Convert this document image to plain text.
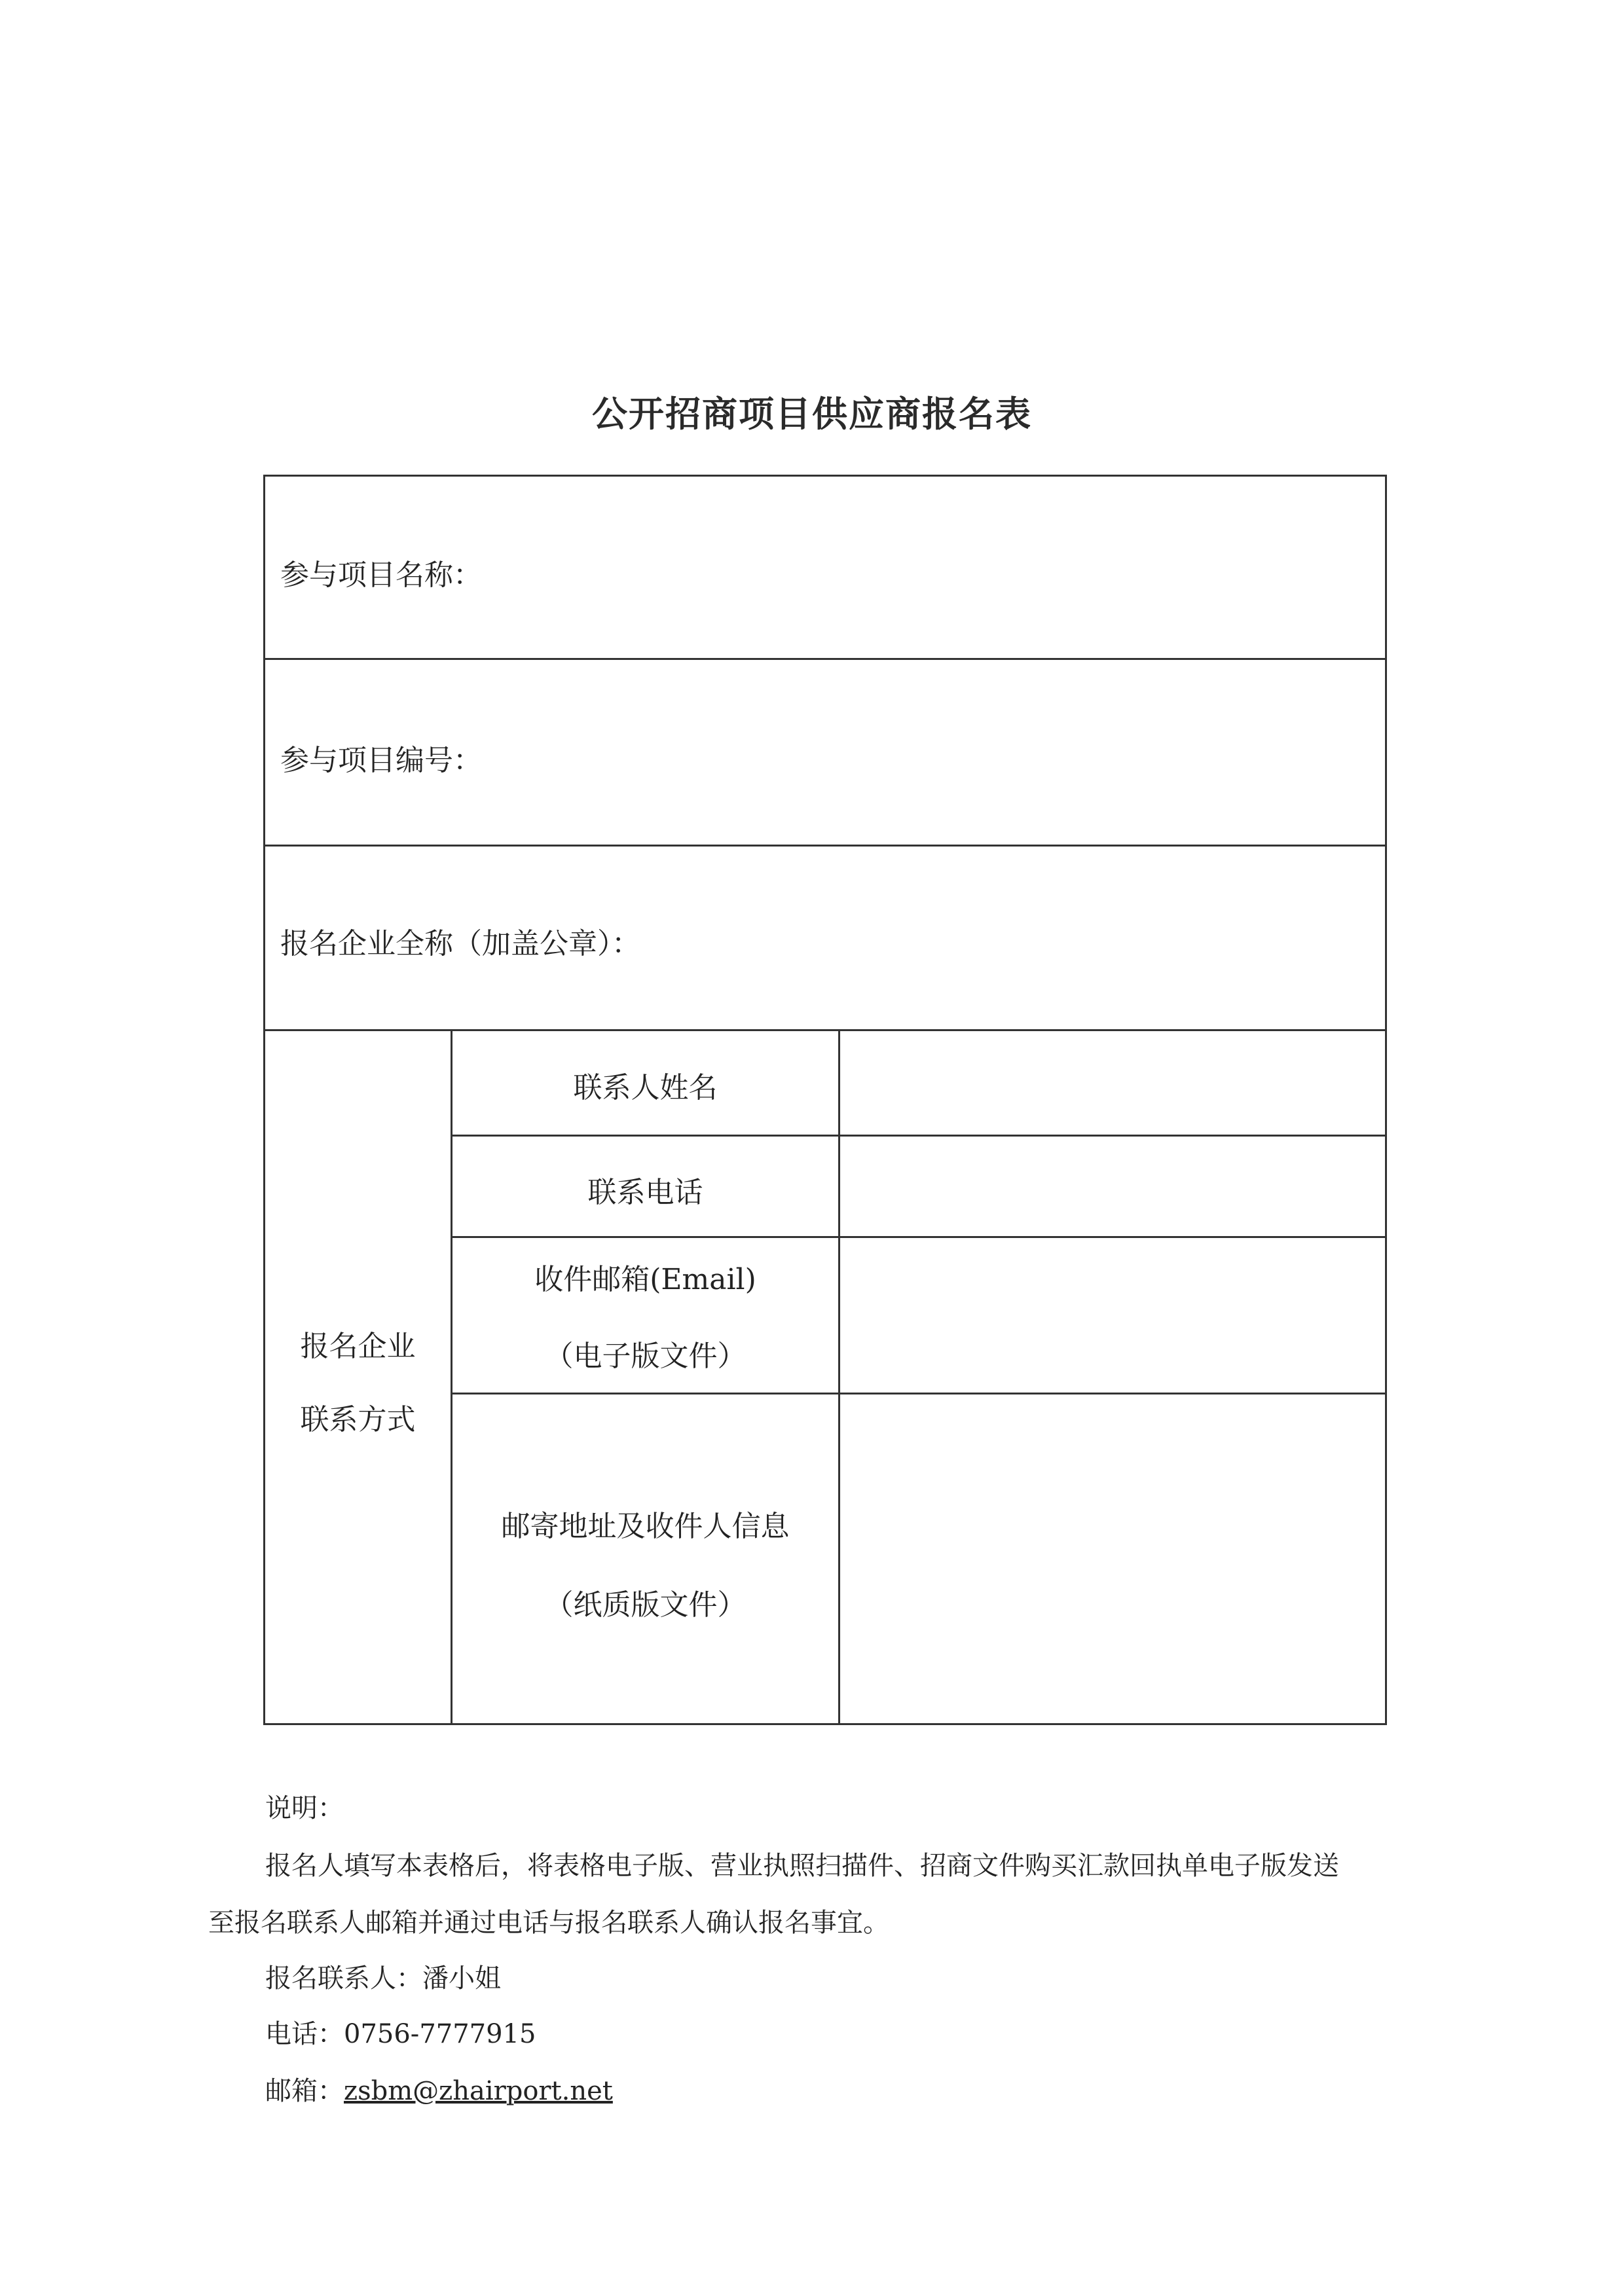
公开招商项目供应商报名表
参与项目名称：
参与项目编号：
报名企业全称（加盖公章）：
报名企业
联系方式
联系人姓名
联系电话
收件邮箱(Email)
（电子版文件）
邮寄地址及收件人信息
（纸质版文件）
说明：
报名人填写本表格后，将表格电子版、营业执照扫描件、招商文件购买汇款回执单电子版发送
至报名联系人邮箱并通过电话与报名联系人确认报名事宜。
报名联系人：潘小姐
电话：0756-7777915
邮箱：zsbm@zhairport.net
